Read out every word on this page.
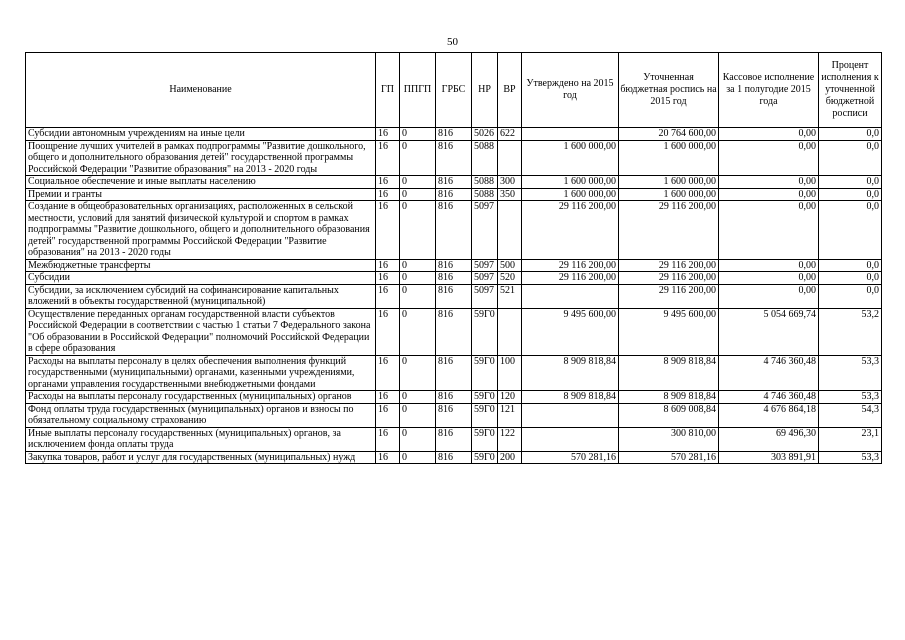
50
Наименование	ГП	ППГП	ГРБС	НР	ВР	Утверждено на 2015 год	Уточненная бюджетная роспись на 2015 год	Кассовое исполнение за 1 полугодие 2015 года	Процент исполнения к уточненной бюджетной росписи
Субсидии автономным учреждениям на иные цели	16	0	816	5026	622		20 764 600,00	0,00	0,0
Поощрение лучших учителей в рамках подпрограммы "Развитие дошкольного, общего и дополнительного образования детей" государственной программы Российской Федерации "Развитие образования" на 2013 - 2020 годы	16	0	816	5088		1 600 000,00	1 600 000,00	0,00	0,0
Социальное обеспечение и иные выплаты населению	16	0	816	5088	300	1 600 000,00	1 600 000,00	0,00	0,0
Премии и гранты	16	0	816	5088	350	1 600 000,00	1 600 000,00	0,00	0,0
Создание в общеобразовательных организациях, расположенных в сельской местности, условий для занятий физической культурой и спортом в рамках подпрограммы "Развитие дошкольного, общего и дополнительного образования детей" государственной программы Российской Федерации "Развитие образования" на 2013 - 2020 годы	16	0	816	5097		29 116 200,00	29 116 200,00	0,00	0,0
Межбюджетные трансферты	16	0	816	5097	500	29 116 200,00	29 116 200,00	0,00	0,0
Субсидии	16	0	816	5097	520	29 116 200,00	29 116 200,00	0,00	0,0
Субсидии, за исключением субсидий на софинансирование капитальных вложений в объекты государственной (муниципальной)	16	0	816	5097	521		29 116 200,00	0,00	0,0
Осуществление переданных органам государственной власти субъектов Российской Федерации в соответствии с частью 1 статьи 7 Федерального закона "Об образовании в Российской Федерации" полномочий Российской Федерации в сфере образования	16	0	816	59Г0		9 495 600,00	9 495 600,00	5 054 669,74	53,2
Расходы на выплаты персоналу в целях обеспечения выполнения функций государственными (муниципальными) органами, казенными учреждениями, органами управления государственными внебюджетными фондами	16	0	816	59Г0	100	8 909 818,84	8 909 818,84	4 746 360,48	53,3
Расходы на выплаты персоналу государственных (муниципальных) органов	16	0	816	59Г0	120	8 909 818,84	8 909 818,84	4 746 360,48	53,3
Фонд оплаты труда государственных (муниципальных) органов и взносы по обязательному социальному страхованию	16	0	816	59Г0	121		8 609 008,84	4 676 864,18	54,3
Иные выплаты персоналу государственных (муниципальных) органов, за исключением фонда оплаты труда	16	0	816	59Г0	122		300 810,00	69 496,30	23,1
Закупка товаров, работ и услуг для государственных (муниципальных) нужд	16	0	816	59Г0	200	570 281,16	570 281,16	303 891,91	53,3
